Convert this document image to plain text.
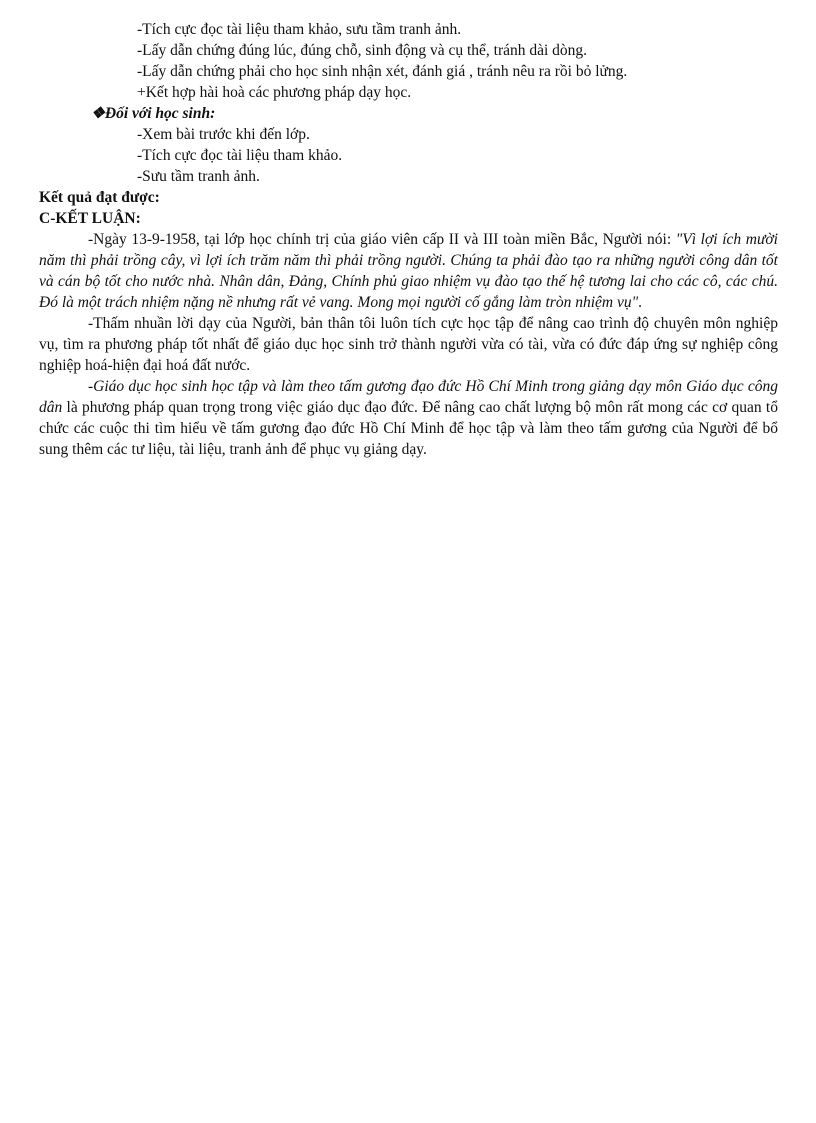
-Tích cực đọc tài liệu tham khảo, sưu tầm tranh ảnh.

-Lấy dẫn chứng đúng lúc, đúng chỗ, sinh động và cụ thể, tránh dài dòng.

-Lấy dẫn chứng phải cho học sinh nhận xét, đánh giá , tránh nêu ra rồi bỏ lửng.

+Kết hợp hài hoà các phương pháp dạy học.

❖Đối với học sinh:

-Xem bài trước khi đến lớp.

-Tích cực đọc tài liệu tham khảo.

-Sưu tầm tranh ảnh.

Kết quả đạt được:

C-KẾT LUẬN:

-Ngày 13-9-1958, tại lớp học chính trị của giáo viên cấp II và III toàn miền Bắc, Người nói: "Vì lợi ích mười năm thì phải trồng cây, vì lợi ích trăm năm thì phải trồng người. Chúng ta phải đào tạo ra những người công dân tốt và cán bộ tốt cho nước nhà. Nhân dân, Đảng, Chính phủ giao nhiệm vụ đào tạo thế hệ tương lai cho các cô, các chú. Đó là một trách nhiệm nặng nề nhưng rất vẻ vang. Mong mọi người cố gắng làm tròn nhiệm vụ".

-Thấm nhuần lời dạy của Người, bản thân tôi luôn tích cực học tập để nâng cao trình độ chuyên môn nghiệp vụ, tìm ra phương pháp tốt nhất để giáo dục học sinh trở thành người vừa có tài, vừa có đức đáp ứng sự nghiệp công nghiệp hoá-hiện đại hoá đất nước.

-Giáo dục học sinh học tập và làm theo tấm gương đạo đức Hồ Chí Minh trong giảng dạy môn Giáo dục công dân là phương pháp quan trọng trong việc giáo dục đạo đức. Để nâng cao chất lượng bộ môn rất mong các cơ quan tổ chức các cuộc thi tìm hiểu về tấm gương đạo đức Hồ Chí Minh để học tập và làm theo tấm gương của Người để bổ sung thêm các tư liệu, tài liệu, tranh ảnh để phục vụ giảng dạy.
